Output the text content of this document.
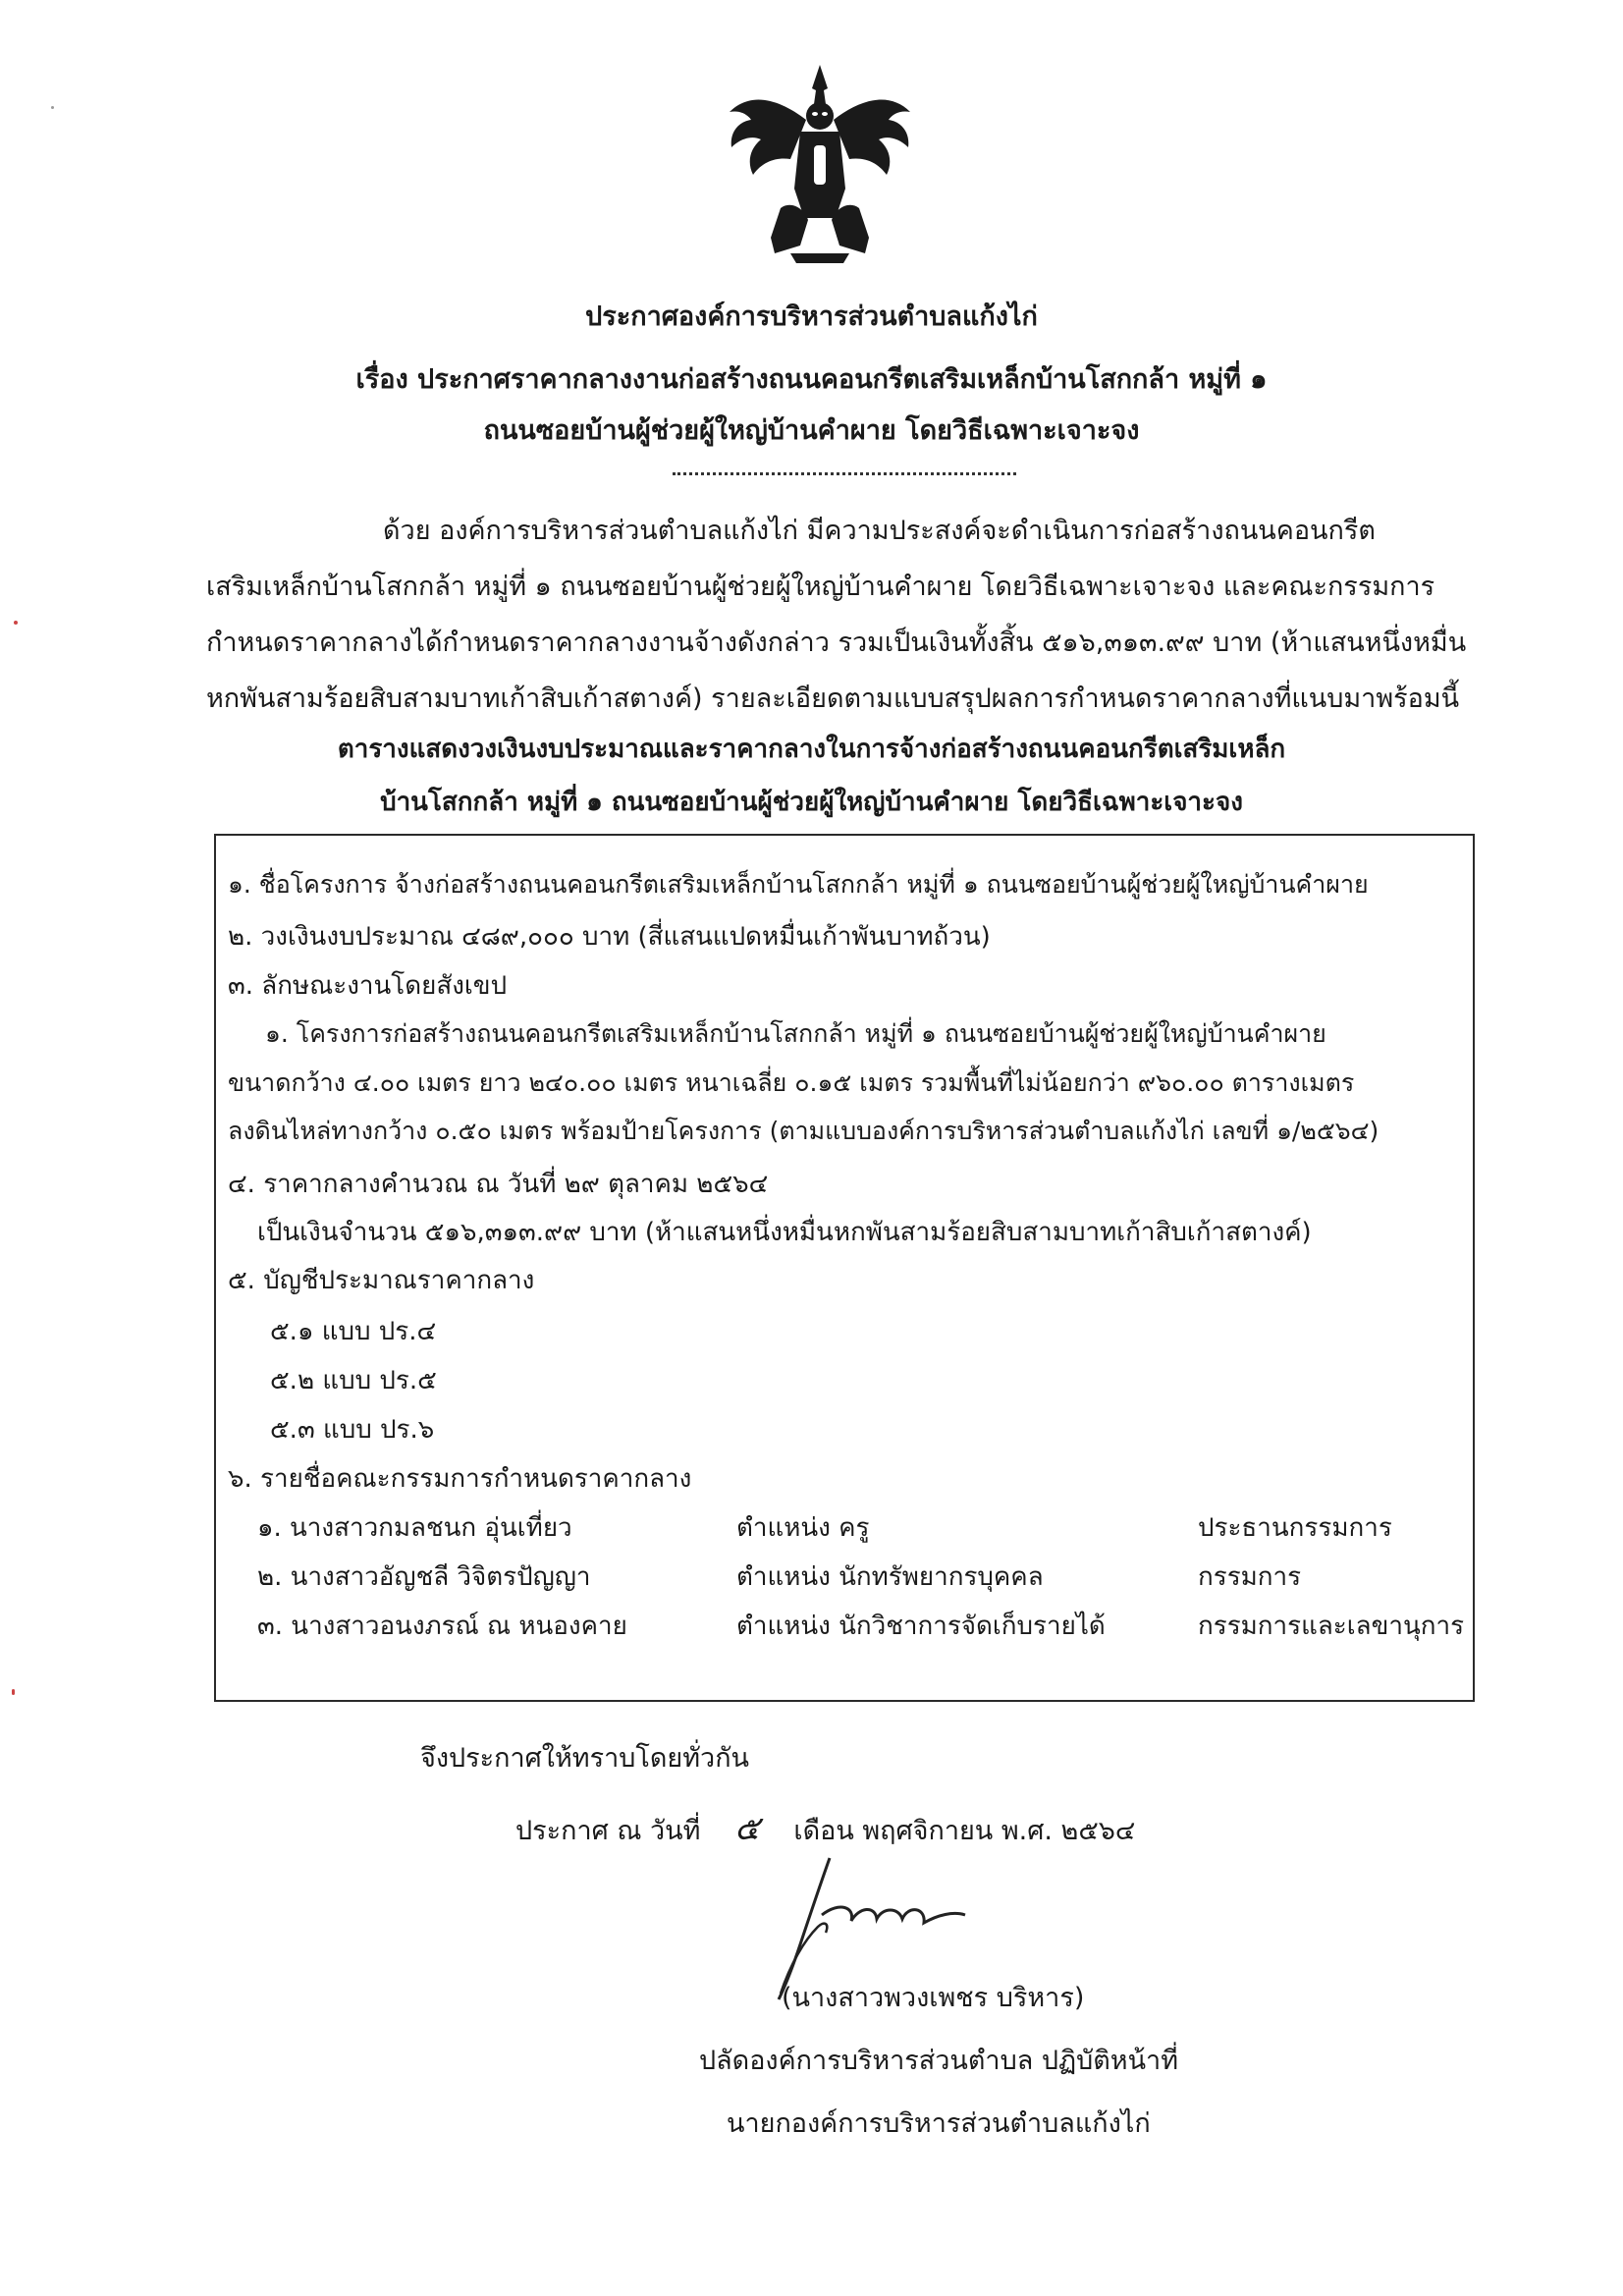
ประกาศองค์การบริหารส่วนตำบลแก้งไก่
เรื่อง ประกาศราคากลางงานก่อสร้างถนนคอนกรีตเสริมเหล็กบ้านโสกกล้า หมู่ที่ ๑
ถนนซอยบ้านผู้ช่วยผู้ใหญ่บ้านคำผาย โดยวิธีเฉพาะเจาะจง
ด้วย องค์การบริหารส่วนตำบลแก้งไก่ มีความประสงค์จะดำเนินการก่อสร้างถนนคอนกรีต
เสริมเหล็กบ้านโสกกล้า หมู่ที่ ๑ ถนนซอยบ้านผู้ช่วยผู้ใหญ่บ้านคำผาย โดยวิธีเฉพาะเจาะจง และคณะกรรมการ
กำหนดราคากลางได้กำหนดราคากลางงานจ้างดังกล่าว รวมเป็นเงินทั้งสิ้น ๕๑๖,๓๑๓.๙๙ บาท (ห้าแสนหนึ่งหมื่น
หกพันสามร้อยสิบสามบาทเก้าสิบเก้าสตางค์) รายละเอียดตามแบบสรุปผลการกำหนดราคากลางที่แนบมาพร้อมนี้
ตารางแสดงวงเงินงบประมาณและราคากลางในการจ้างก่อสร้างถนนคอนกรีตเสริมเหล็ก
บ้านโสกกล้า หมู่ที่ ๑ ถนนซอยบ้านผู้ช่วยผู้ใหญ่บ้านคำผาย โดยวิธีเฉพาะเจาะจง
๑. ชื่อโครงการ จ้างก่อสร้างถนนคอนกรีตเสริมเหล็กบ้านโสกกล้า หมู่ที่ ๑ ถนนซอยบ้านผู้ช่วยผู้ใหญ่บ้านคำผาย
๒. วงเงินงบประมาณ ๔๘๙,๐๐๐ บาท (สี่แสนแปดหมื่นเก้าพันบาทถ้วน)
๓. ลักษณะงานโดยสังเขป
๑. โครงการก่อสร้างถนนคอนกรีตเสริมเหล็กบ้านโสกกล้า หมู่ที่ ๑ ถนนซอยบ้านผู้ช่วยผู้ใหญ่บ้านคำผาย
ขนาดกว้าง ๔.๐๐ เมตร ยาว ๒๔๐.๐๐ เมตร หนาเฉลี่ย ๐.๑๕ เมตร รวมพื้นที่ไม่น้อยกว่า ๙๖๐.๐๐ ตารางเมตร
ลงดินไหล่ทางกว้าง ๐.๕๐ เมตร พร้อมป้ายโครงการ (ตามแบบองค์การบริหารส่วนตำบลแก้งไก่ เลขที่ ๑/๒๕๖๔)
๔. ราคากลางคำนวณ ณ วันที่ ๒๙ ตุลาคม ๒๕๖๔
เป็นเงินจำนวน ๕๑๖,๓๑๓.๙๙ บาท (ห้าแสนหนึ่งหมื่นหกพันสามร้อยสิบสามบาทเก้าสิบเก้าสตางค์)
๕. บัญชีประมาณราคากลาง
๕.๑ แบบ ปร.๔
๕.๒ แบบ ปร.๕
๕.๓ แบบ ปร.๖
๖. รายชื่อคณะกรรมการกำหนดราคากลาง
๑. นางสาวกมลชนก อุ่นเที่ยว	ตำแหน่ง ครู	ประธานกรรมการ
๒. นางสาวอัญชลี วิจิตรปัญญา	ตำแหน่ง นักทรัพยากรบุคคล	กรรมการ
๓. นางสาวอนงภรณ์ ณ หนองคาย	ตำแหน่ง นักวิชาการจัดเก็บรายได้	กรรมการและเลขานุการ
จึงประกาศให้ทราบโดยทั่วกัน
ประกาศ ณ วันที่ ๕ เดือน พฤศจิกายน พ.ศ. ๒๕๖๔
(นางสาวพวงเพชร บริหาร)
ปลัดองค์การบริหารส่วนตำบล ปฏิบัติหน้าที่
นายกองค์การบริหารส่วนตำบลแก้งไก่
